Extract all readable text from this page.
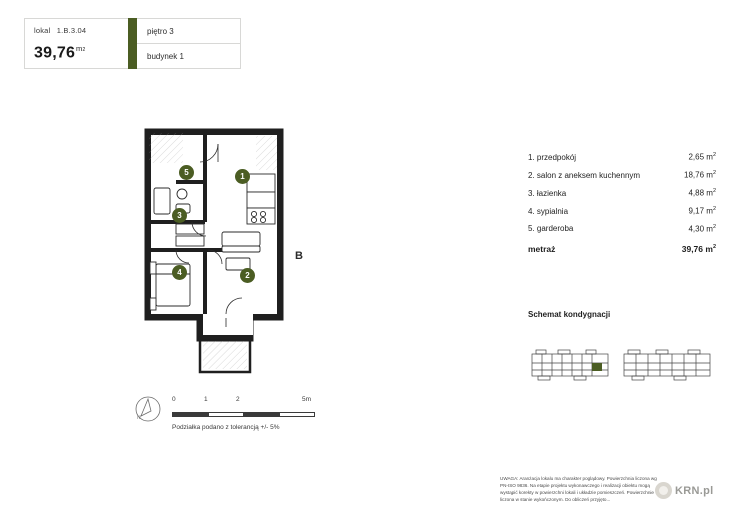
lokal 1.B.3.04
$39,76^{m2}$
piętro 3
budynek 1
1
2
3
4
5
B
N
0	1	2	5m
Podziałka podano z tolerancją +/- 5%
1. przedpokój	2,65 $m^2$
2. salon z aneksem kuchennym	18,76 $m^2$
3. łazienka	4,88 $m^2$
4. sypialnia	9,17 $m^2$
5. garderoba	4,30 $m^2$
metraż	39,76 $m^2$
Schemat kondygnacji
UWAGA: Aranżacja lokalu ma charakter poglądowy. Powierzchnia liczona wg PN-ISO 9836. Na etapie projektu wykonawczego i realizacji obiektu mogą wystąpić korekty w powierzchni lokali i układzie pomieszczeń. Powierzchnie liczona w stanie wykończonym. Do obliczeń przyjęto...
KRN.pl
